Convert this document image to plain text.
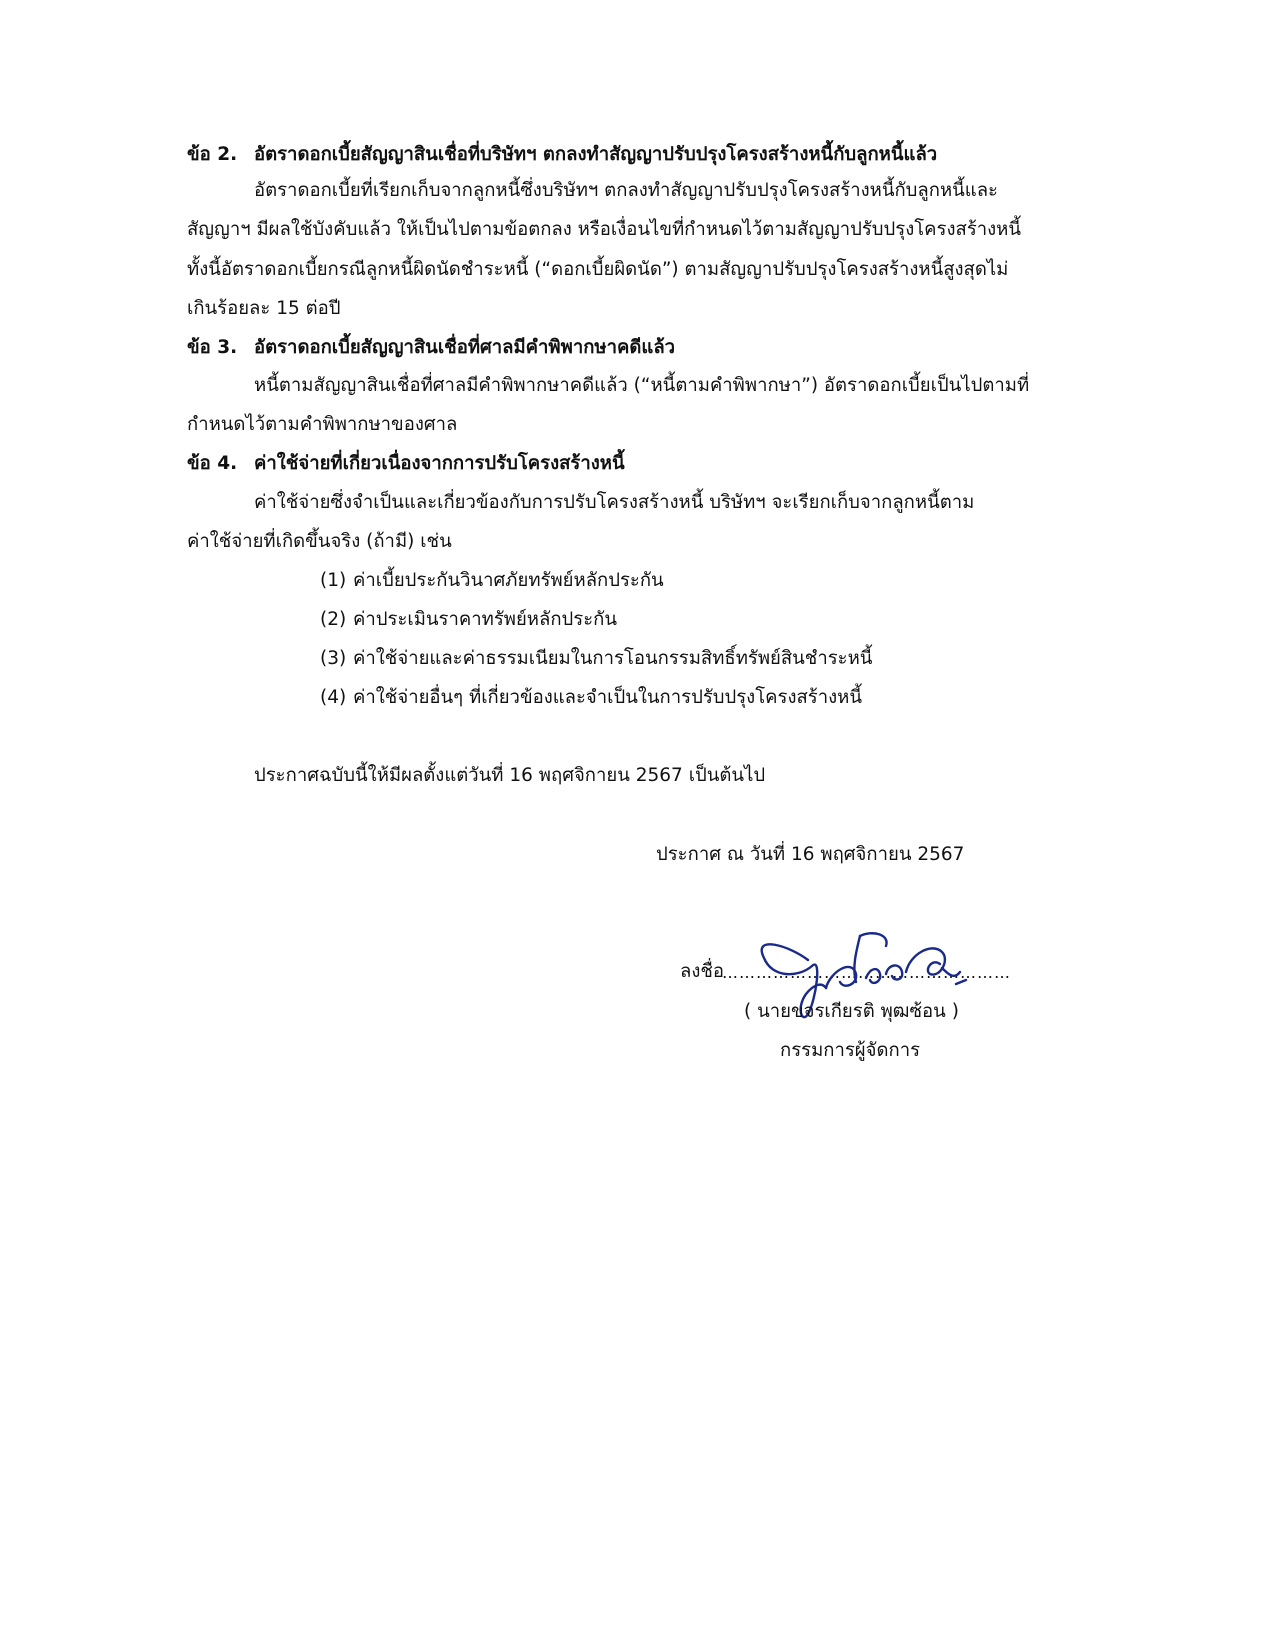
ข้อ 2. อัตราดอกเบี้ยสัญญาสินเชื่อที่บริษัทฯ ตกลงทำสัญญาปรับปรุงโครงสร้างหนี้กับลูกหนี้แล้ว
อัตราดอกเบี้ยที่เรียกเก็บจากลูกหนี้ซึ่งบริษัทฯ ตกลงทำสัญญาปรับปรุงโครงสร้างหนี้กับลูกหนี้และ
สัญญาฯ มีผลใช้บังคับแล้ว ให้เป็นไปตามข้อตกลง หรือเงื่อนไขที่กำหนดไว้ตามสัญญาปรับปรุงโครงสร้างหนี้
ทั้งนี้อัตราดอกเบี้ยกรณีลูกหนี้ผิดนัดชำระหนี้ (“ดอกเบี้ยผิดนัด”) ตามสัญญาปรับปรุงโครงสร้างหนี้สูงสุดไม่
เกินร้อยละ 15 ต่อปี
ข้อ 3. อัตราดอกเบี้ยสัญญาสินเชื่อที่ศาลมีคำพิพากษาคดีแล้ว
หนี้ตามสัญญาสินเชื่อที่ศาลมีคำพิพากษาคดีแล้ว (“หนี้ตามคำพิพากษา”) อัตราดอกเบี้ยเป็นไปตามที่
กำหนดไว้ตามคำพิพากษาของศาล
ข้อ 4. ค่าใช้จ่ายที่เกี่ยวเนื่องจากการปรับโครงสร้างหนี้
ค่าใช้จ่ายซึ่งจำเป็นและเกี่ยวข้องกับการปรับโครงสร้างหนี้ บริษัทฯ จะเรียกเก็บจากลูกหนี้ตาม
ค่าใช้จ่ายที่เกิดขึ้นจริง (ถ้ามี) เช่น
(1) ค่าเบี้ยประกันวินาศภัยทรัพย์หลักประกัน
(2) ค่าประเมินราคาทรัพย์หลักประกัน
(3) ค่าใช้จ่ายและค่าธรรมเนียมในการโอนกรรมสิทธิ์ทรัพย์สินชำระหนี้
(4) ค่าใช้จ่ายอื่นๆ ที่เกี่ยวข้องและจำเป็นในการปรับปรุงโครงสร้างหนี้
ประกาศฉบับนี้ให้มีผลตั้งแต่วันที่ 16 พฤศจิกายน 2567 เป็นต้นไป
ประกาศ ณ วันที่ 16 พฤศจิกายน 2567
ลงชื่อ
……………………………………………
( นายขจรเกียรติ พุฒซ้อน )
กรรมการผู้จัดการ
